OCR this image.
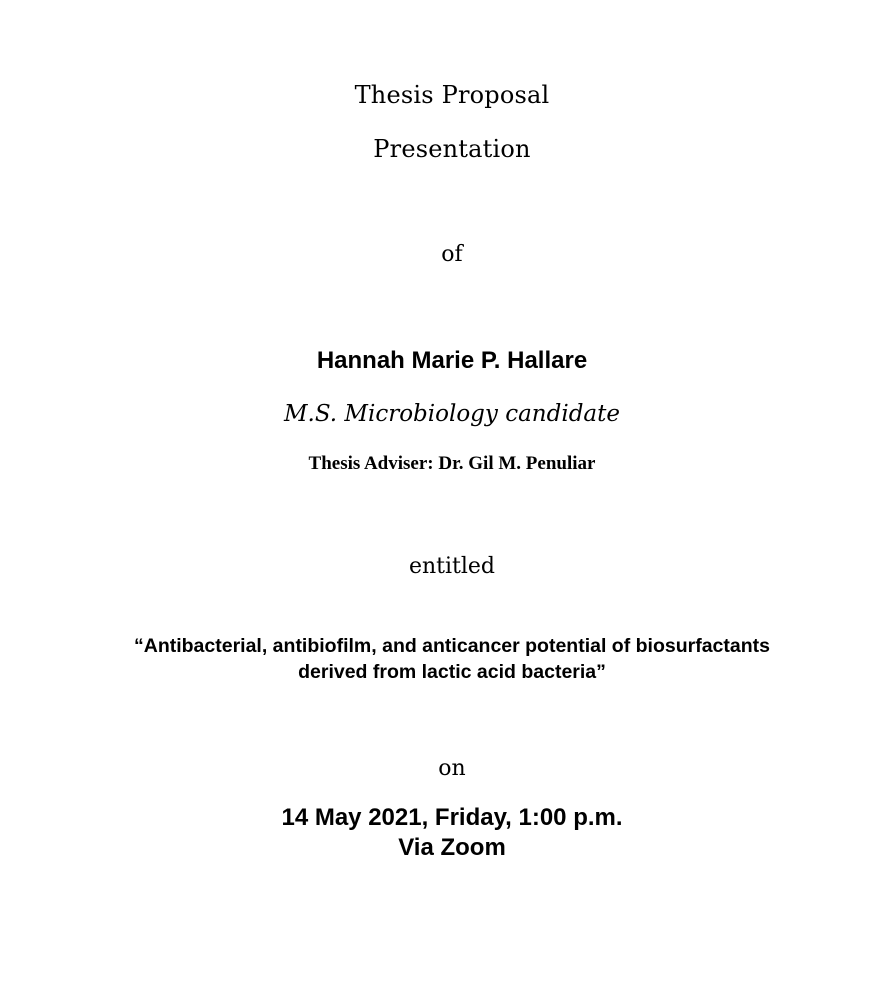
Thesis Proposal
Presentation
of
Hannah Marie P. Hallare
M.S. Microbiology candidate
Thesis Adviser: Dr. Gil M. Penuliar
entitled
“Antibacterial, antibiofilm, and anticancer potential of biosurfactants
derived from lactic acid bacteria”
on
14 May 2021, Friday, 1:00 p.m.
Via Zoom
